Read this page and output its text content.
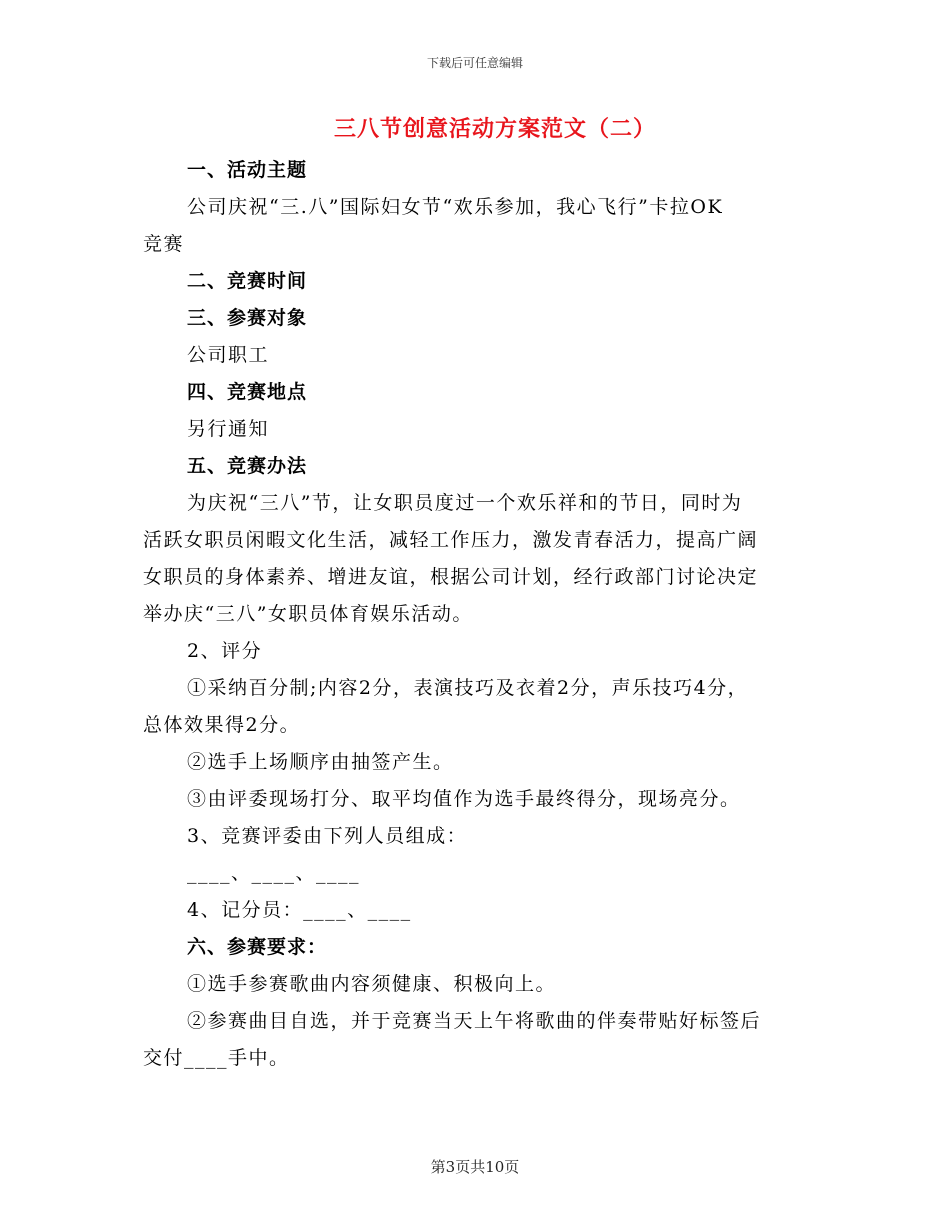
下载后可任意编辑
三八节创意活动方案范文（二）
一、活动主题
公司庆祝“三.八”国际妇女节“欢乐参加，我心飞行”卡拉OK
竞赛
二、竞赛时间
三、参赛对象
公司职工
四、竞赛地点
另行通知
五、竞赛办法
为庆祝“三八”节，让女职员度过一个欢乐祥和的节日，同时为
活跃女职员闲暇文化生活，减轻工作压力，激发青春活力，提高广阔
女职员的身体素养、增进友谊，根据公司计划，经行政部门讨论决定
举办庆“三八”女职员体育娱乐活动。
2、评分
①采纳百分制;内容2分，表演技巧及衣着2分，声乐技巧4分，
总体效果得2分。
②选手上场顺序由抽签产生。
③由评委现场打分、取平均值作为选手最终得分，现场亮分。
3、竞赛评委由下列人员组成：
____、____、____
4、记分员：____、____
六、参赛要求：
①选手参赛歌曲内容须健康、积极向上。
②参赛曲目自选，并于竞赛当天上午将歌曲的伴奏带贴好标签后
交付____手中。
第3页共10页
